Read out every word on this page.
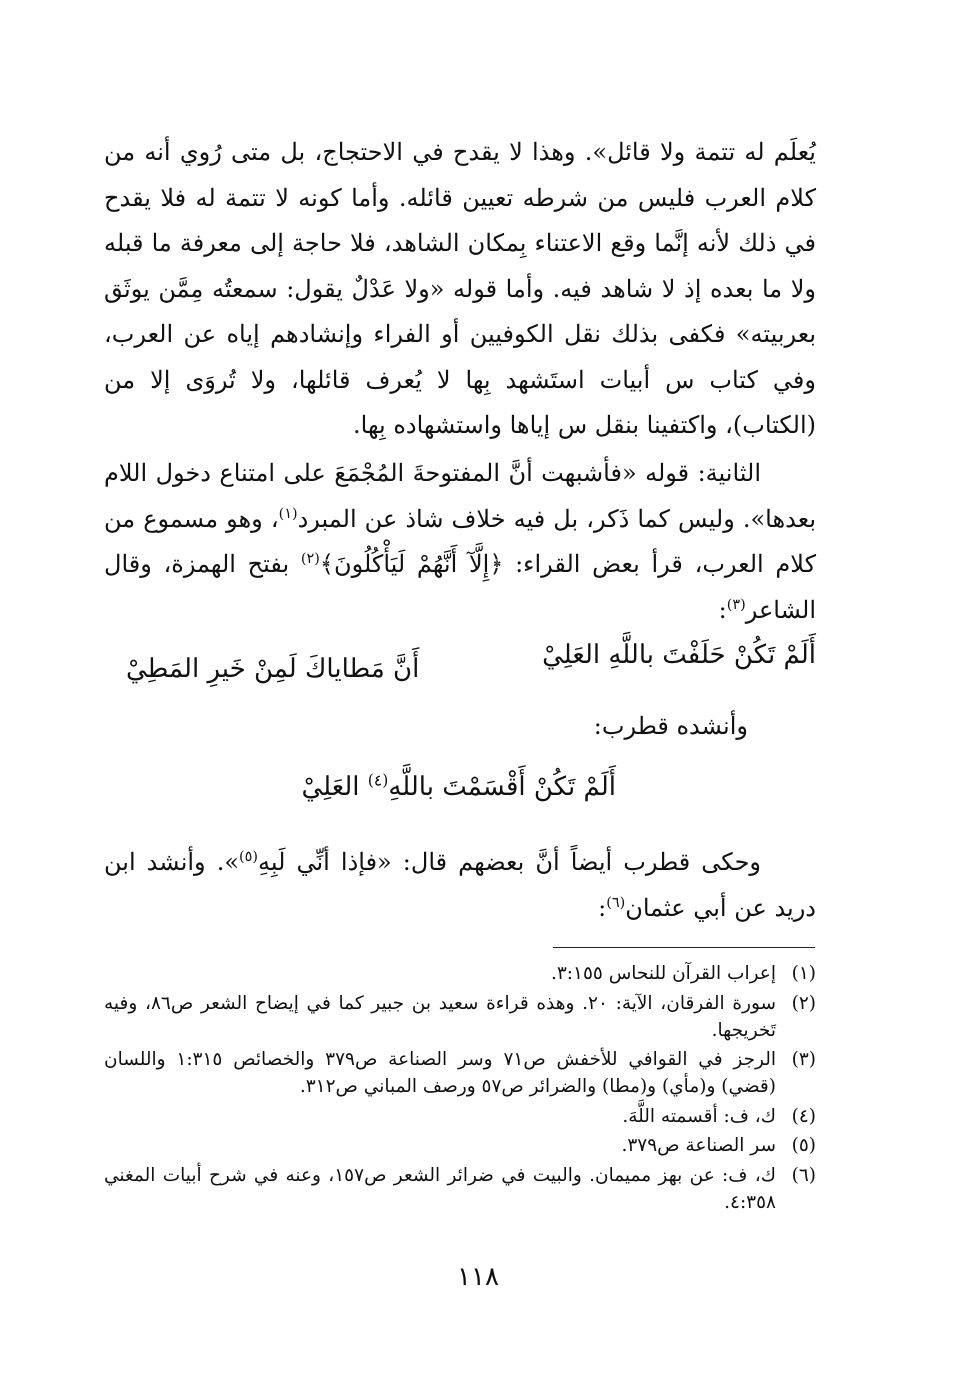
يُعلَم له تتمة ولا قائل». وهذا لا يقدح في الاحتجاج، بل متى رُوي أنه من كلام العرب فليس من شرطه تعيين قائله. وأما كونه لا تتمة له فلا يقدح في ذلك لأنه إنَّما وقع الاعتناء بِمكان الشاهد، فلا حاجة إلى معرفة ما قبله ولا ما بعده إذ لا شاهد فيه. وأما قوله «ولا عَدْلٌ يقول: سمعتُه مِمَّن يوثَق بعربيته» فكفى بذلك نقل الكوفيين أو الفراء وإنشادهم إياه عن العرب، وفي كتاب س أبيات استَشهد بِها لا يُعرف قائلها، ولا تُروَى إلا من (الكتاب)، واكتفينا بنقل س إياها واستشهاده بِها.
الثانية: قوله «فأشبهت أنَّ المفتوحةَ المُجْمَعَ على امتناع دخول اللام بعدها». وليس كما ذَكر، بل فيه خلاف شاذ عن المبرد$^{(١)}$، وهو مسموع من كلام العرب، قرأ بعض القراء: ﴿إِلَّآ أَنَّهُمْ لَيَأْكُلُونَ﴾$^{(٢)}$ بفتح الهمزة، وقال الشاعر$^{(٣)}$:
أَلَمْ تَكُنْ حَلَفْتَ باللَّهِ العَلِيْ
أَنَّ مَطاياكَ لَمِنْ خَيرِ المَطِيْ
وأنشده قطرب:
أَلَمْ تَكُنْ أَقْسَمْتَ باللَّهِ$^{(٤)}$ العَلِيْ
وحكى قطرب أيضاً أنَّ بعضهم قال: «فإذا أنِّي لَبِهِ$^{(٥)}$». وأنشد ابن دريد عن أبي عثمان$^{(٦)}$:
(١)
إعراب القرآن للنحاس ٣:١٥٥.
(٢)
سورة الفرقان، الآية: ٢٠. وهذه قراءة سعيد بن جبير كما في إيضاح الشعر ص٨٦، وفيه تَخريجها.
(٣)
الرجز في القوافي للأخفش ص٧١ وسر الصناعة ص٣٧٩ والخصائص ١:٣١٥ واللسان (قضي) و(مأي) و(مطا) والضرائر ص٥٧ ورصف المباني ص٣١٢.
(٤)
ك، ف: أقسمته اللَّهَ.
(٥)
سر الصناعة ص٣٧٩.
(٦)
ك، ف: عن بهز مميمان. والبيت في ضرائر الشعر ص١٥٧، وعنه في شرح أبيات المغني ٤:٣٥٨.
١١٨
